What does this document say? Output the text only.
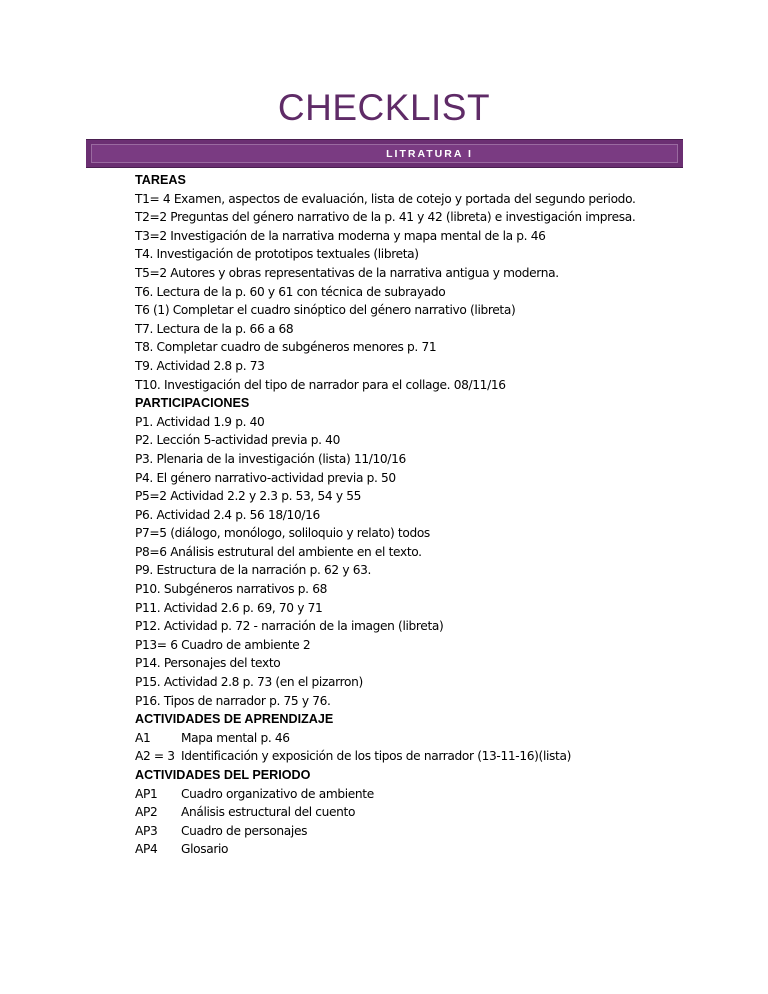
CHECKLIST
LITRATURA I
TAREAS
T1= 4 Examen, aspectos de evaluación, lista de cotejo y portada del segundo periodo.
T2=2 Preguntas del género narrativo de la p. 41 y 42 (libreta) e investigación impresa.
T3=2 Investigación de la narrativa moderna y mapa mental de la p. 46
T4. Investigación de prototipos textuales (libreta)
T5=2 Autores y obras representativas de la narrativa antigua y moderna.
T6. Lectura de la p. 60 y 61 con técnica de subrayado
T6 (1) Completar el cuadro sinóptico del género narrativo (libreta)
T7. Lectura de la p. 66 a 68
T8. Completar cuadro de subgéneros menores p. 71
T9. Actividad 2.8 p. 73
T10. Investigación del tipo de narrador para el collage. 08/11/16
PARTICIPACIONES
P1. Actividad 1.9 p. 40
P2. Lección 5-actividad previa p. 40
P3. Plenaria de la investigación (lista) 11/10/16
P4. El género narrativo-actividad previa p. 50
P5=2 Actividad 2.2 y 2.3 p. 53, 54 y 55
P6. Actividad 2.4 p. 56 18/10/16
P7=5 (diálogo, monólogo, soliloquio y relato) todos
P8=6 Análisis estrutural del ambiente en el texto.
P9. Estructura de la narración p. 62 y 63.
P10. Subgéneros narrativos p. 68
P11. Actividad 2.6 p. 69, 70 y 71
P12. Actividad p. 72 - narración de la imagen (libreta)
P13= 6 Cuadro de ambiente 2
P14. Personajes del texto
P15. Actividad 2.8 p. 73 (en el pizarron)
P16. Tipos de narrador p. 75 y 76.
ACTIVIDADES DE APRENDIZAJE
A1	Mapa mental p. 46
A2 = 3 Identificación y exposición de los tipos de narrador (13-11-16)(lista)
ACTIVIDADES DEL PERIODO
AP1 Cuadro organizativo de ambiente
AP2 Análisis estructural del cuento
AP3 Cuadro de personajes
AP4 Glosario
